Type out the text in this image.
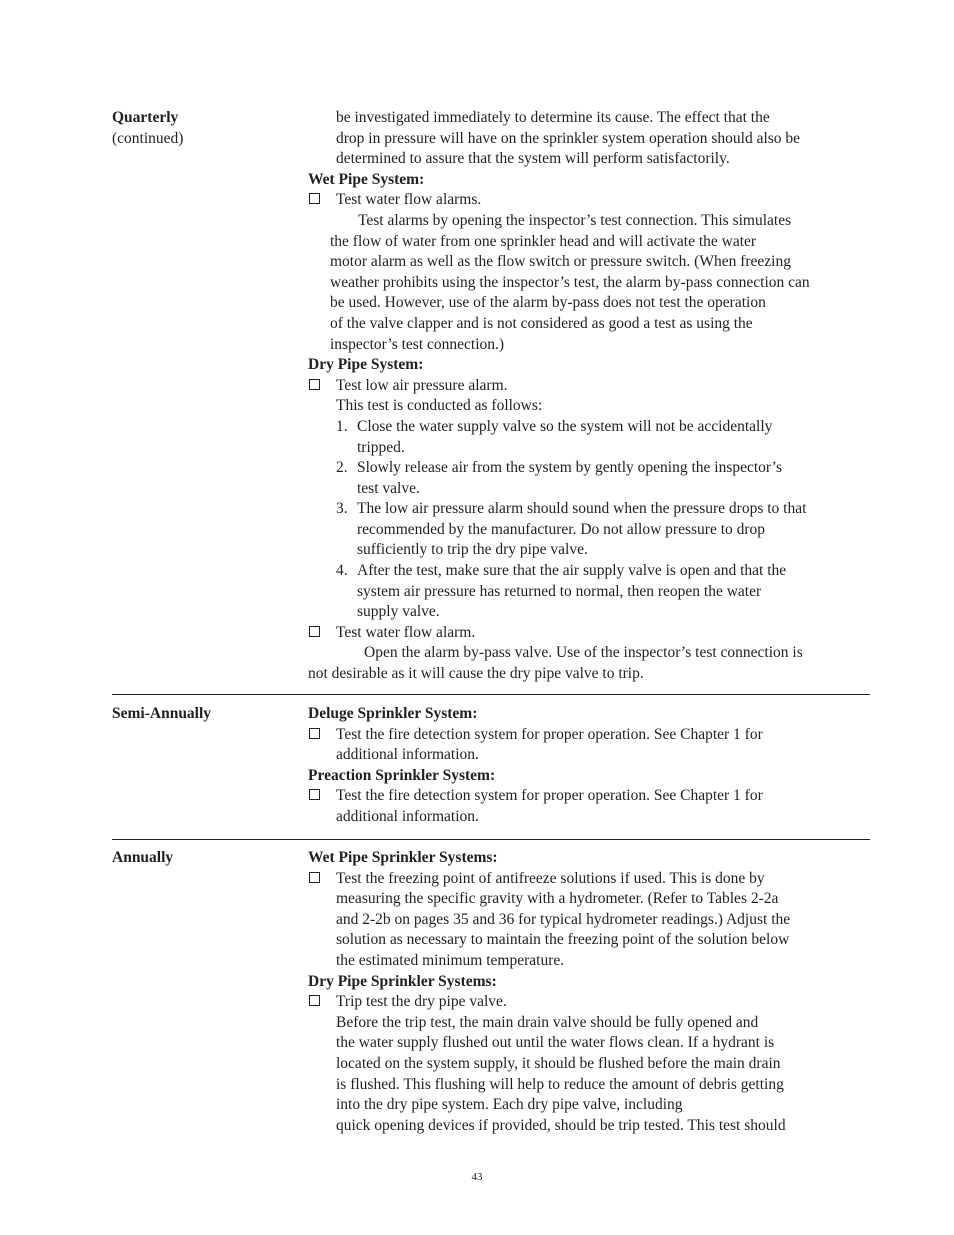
Quarterly
(continued)
be investigated immediately to determine its cause. The effect that the
drop in pressure will have on the sprinkler system operation should also be
determined to assure that the system will perform satisfactorily.
Wet Pipe System:
Test water flow alarms.
Test alarms by opening the inspector’s test connection. This simulates
the flow of water from one sprinkler head and will activate the water
motor alarm as well as the flow switch or pressure switch. (When freezing
weather prohibits using the inspector’s test, the alarm by-pass connection can
be used. However, use of the alarm by-pass does not test the operation
of the valve clapper and is not considered as good a test as using the
inspector’s test connection.)
Dry Pipe System:
Test low air pressure alarm.
This test is conducted as follows:
1. Close the water supply valve so the system will not be accidentally
tripped.
2. Slowly release air from the system by gently opening the inspector’s
test valve.
3. The low air pressure alarm should sound when the pressure drops to that
recommended by the manufacturer. Do not allow pressure to drop
sufficiently to trip the dry pipe valve.
4. After the test, make sure that the air supply valve is open and that the
system air pressure has returned to normal, then reopen the water
supply valve.
Test water flow alarm.
Open the alarm by-pass valve. Use of the inspector’s test connection is
not desirable as it will cause the dry pipe valve to trip.
Semi-Annually	Deluge Sprinkler System:
Test the fire detection system for proper operation. See Chapter 1 for
additional information.
Preaction Sprinkler System:
Test the fire detection system for proper operation. See Chapter 1 for
additional information.
Annually	Wet Pipe Sprinkler Systems:
Test the freezing point of antifreeze solutions if used. This is done by
measuring the specific gravity with a hydrometer. (Refer to Tables 2-2a
and 2-2b on pages 35 and 36 for typical hydrometer readings.) Adjust the
solution as necessary to maintain the freezing point of the solution below
the estimated minimum temperature.
Dry Pipe Sprinkler Systems:
Trip test the dry pipe valve.
Before the trip test, the main drain valve should be fully opened and
the water supply flushed out until the water flows clean. If a hydrant is
located on the system supply, it should be flushed before the main drain
is flushed. This flushing will help to reduce the amount of debris getting
into the dry pipe system. Each dry pipe valve, including
quick opening devices if provided, should be trip tested. This test should
43
